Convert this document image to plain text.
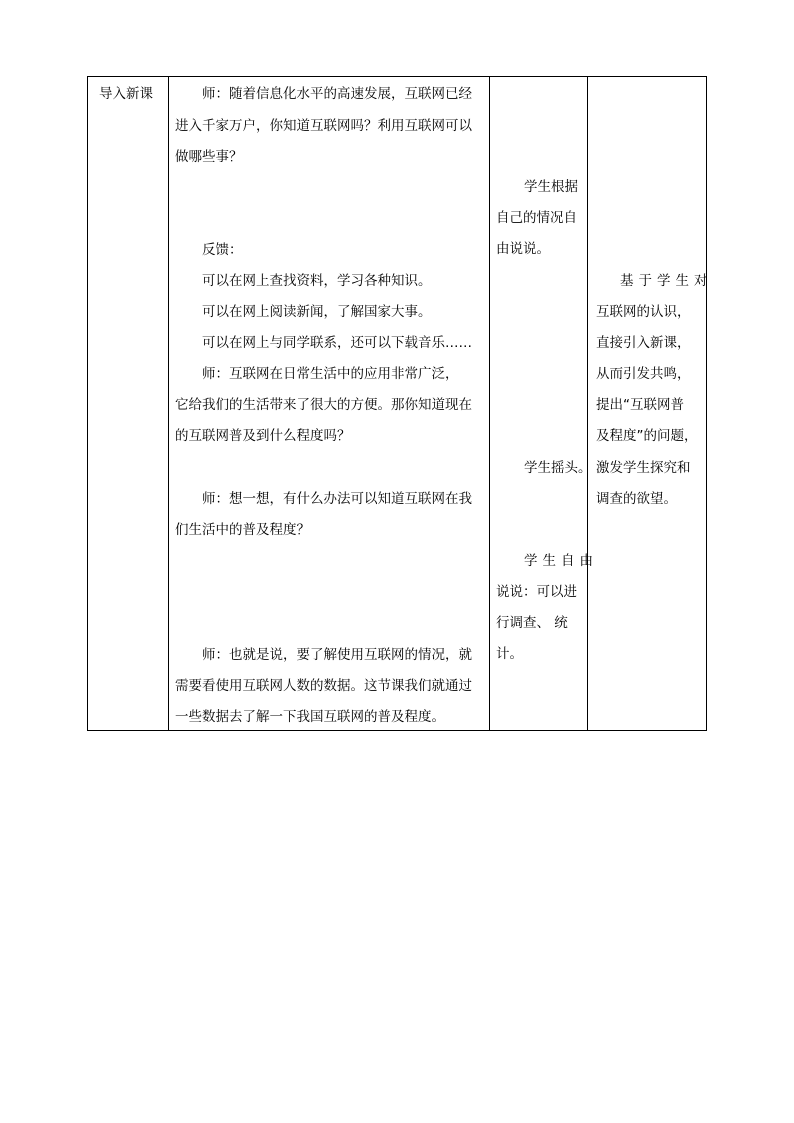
导入新课	师：随着信息化水平的高速发展，互联网已经
进入千家万户，你知道互联网吗？利用互联网可以
做哪些事？
反馈：
可以在网上查找资料，学习各种知识。
可以在网上阅读新闻，了解国家大事。
可以在网上与同学联系，还可以下载音乐……
师：互联网在日常生活中的应用非常广泛，
它给我们的生活带来了很大的方便。那你知道现在
的互联网普及到什么程度吗？
师：想一想，有什么办法可以知道互联网在我
们生活中的普及程度？
师：也就是说，要了解使用互联网的情况，就
需要看使用互联网人数的数据。这节课我们就通过
一些数据去了解一下我国互联网的普及程度。
学生根据
自己的情况自
由说说。
学生摇头。
学生自由
说说：可以进
行调查、 统
计。
基于学生对
互联网的认识，
直接引入新课，
从而引发共鸣，
提出“互联网普
及程度”的问题，
激发学生探究和
调查的欲望。
